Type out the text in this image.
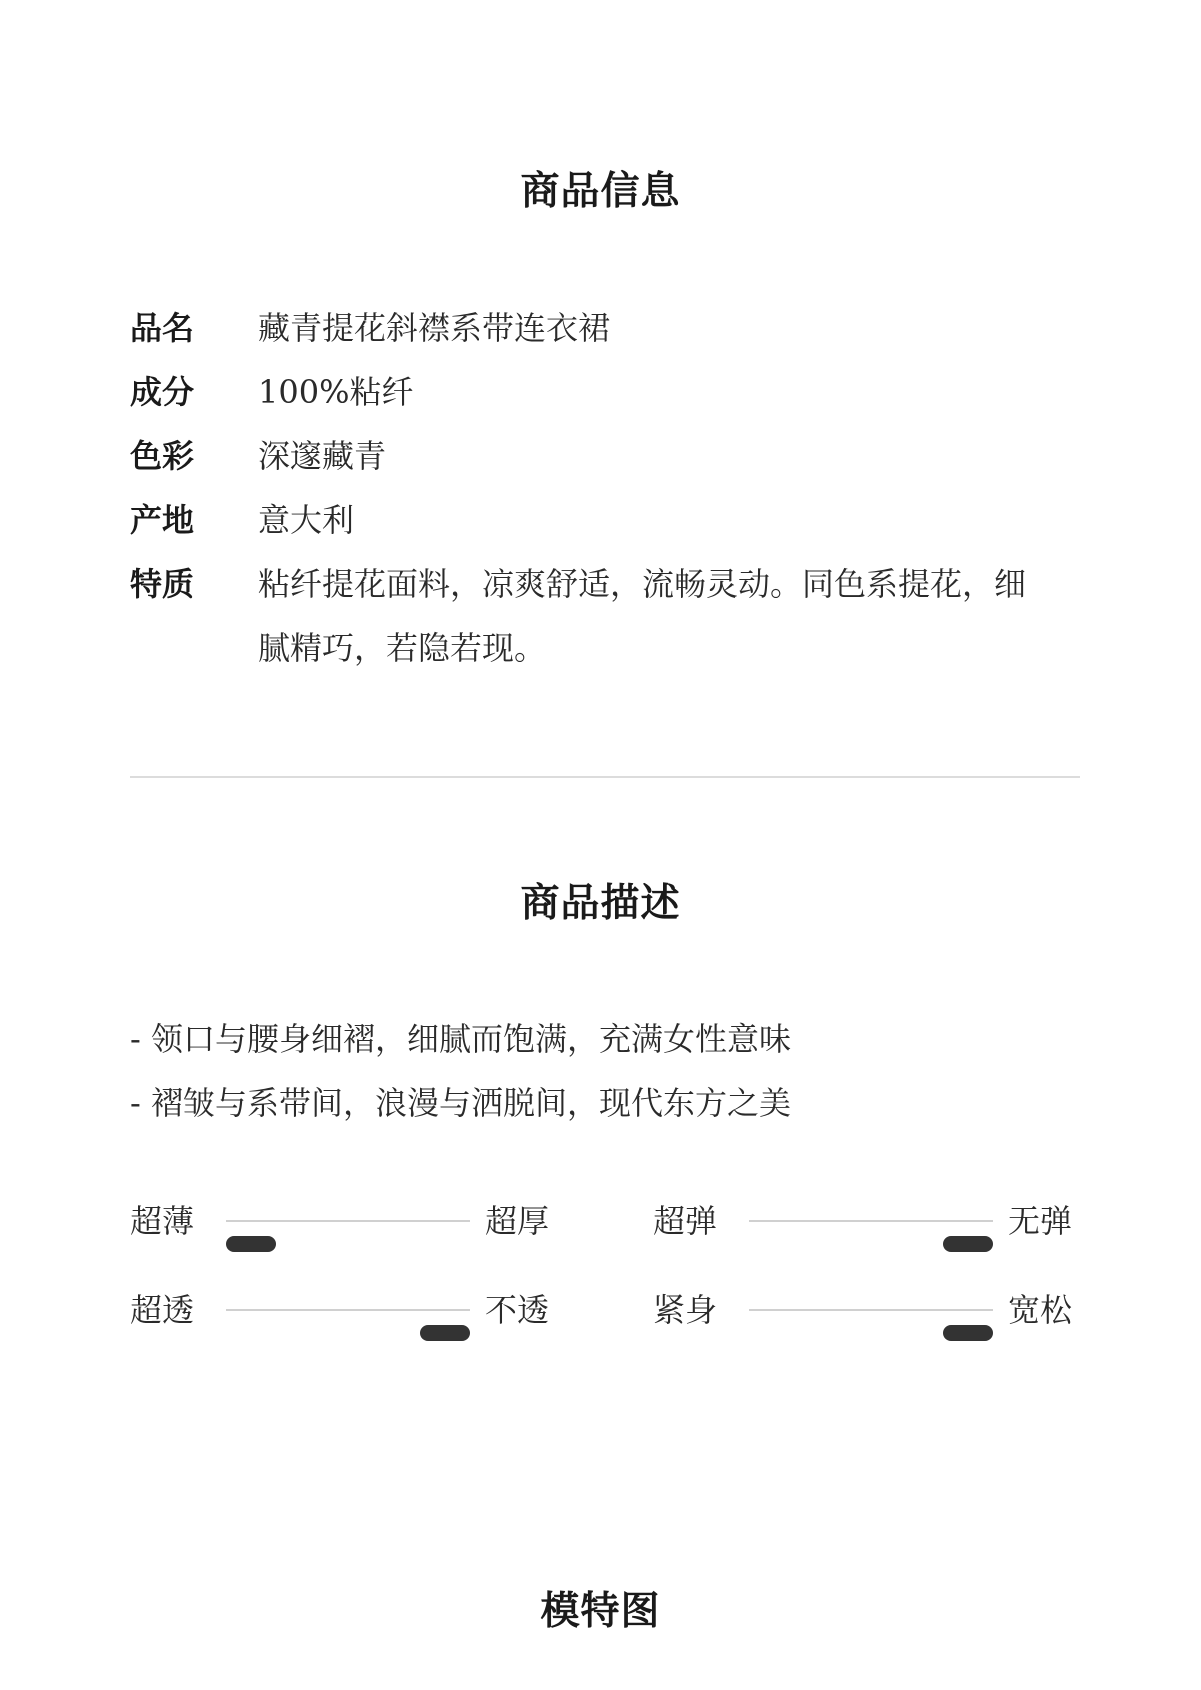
商品信息
品名 藏青提花斜襟系带连衣裙
成分 100%粘纤
色彩 深邃藏青
产地 意大利
特质 粘纤提花面料，凉爽舒适，流畅灵动。同色系提花，细腻精巧，若隐若现。
商品描述
- 领口与腰身细褶，细腻而饱满，充满女性意味
- 褶皱与系带间，浪漫与洒脱间，现代东方之美
超薄	超厚	超弹	无弹
超透	不透	紧身	宽松
模特图
